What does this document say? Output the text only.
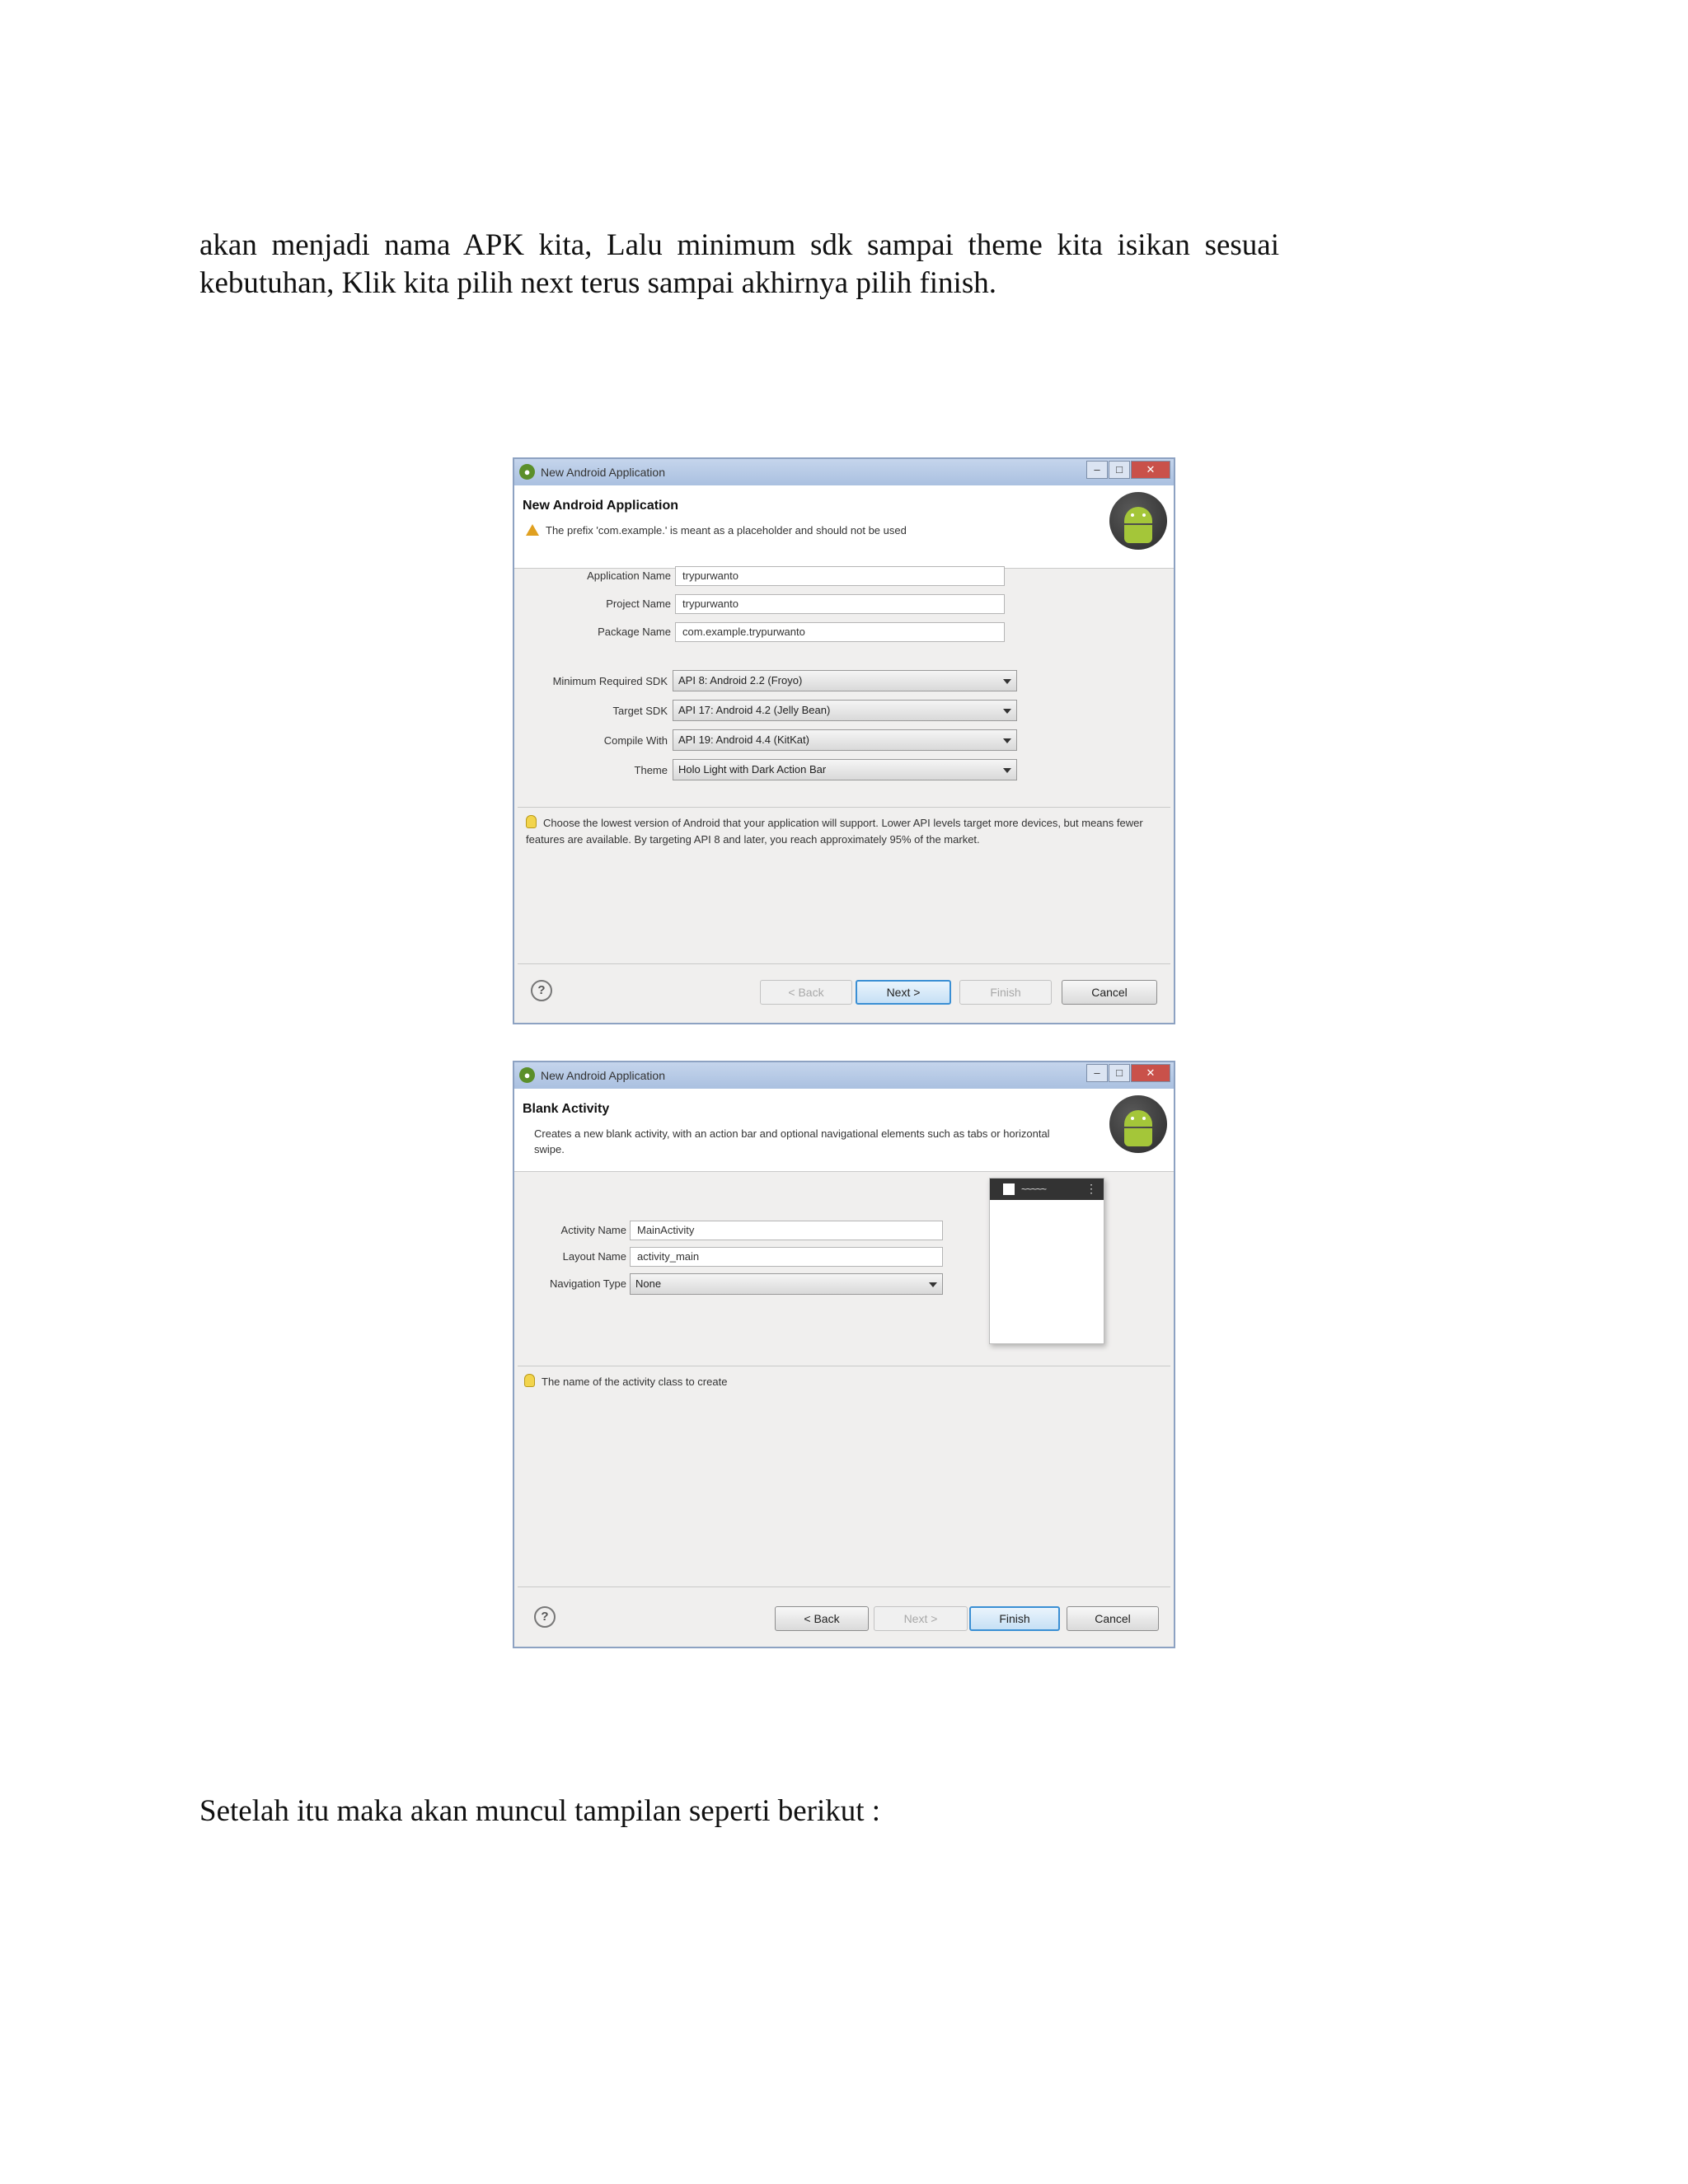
akan menjadi nama APK kita, Lalu minimum sdk sampai theme kita isikan sesuai kebutuhan, Klik kita pilih next terus sampai akhirnya pilih finish.

● New Android Application	–	□	✕
New Android Application
The prefix 'com.example.' is meant as a placeholder and should not be used
Application Name	trypurwanto
Project Name	trypurwanto
Package Name	com.example.trypurwanto
Minimum Required SDK	API 8: Android 2.2 (Froyo)
Target SDK	API 17: Android 4.2 (Jelly Bean)
Compile With	API 19: Android 4.4 (KitKat)
Theme	Holo Light with Dark Action Bar
Choose the lowest version of Android that your application will support. Lower API levels target more devices, but means fewer features are available. By targeting API 8 and later, you reach approximately 95% of the market.
?	< Back	Next >	Finish	Cancel
● New Android Application	–	□	✕
Blank Activity
Creates a new blank activity, with an action bar and optional navigational elements such as tabs or horizontal swipe.
~~~~~	⋮
Activity Name	MainActivity
Layout Name	activity_main
Navigation Type None
The name of the activity class to create
?	< Back	Next >	Finish	Cancel

Setelah itu maka akan muncul tampilan seperti berikut :
